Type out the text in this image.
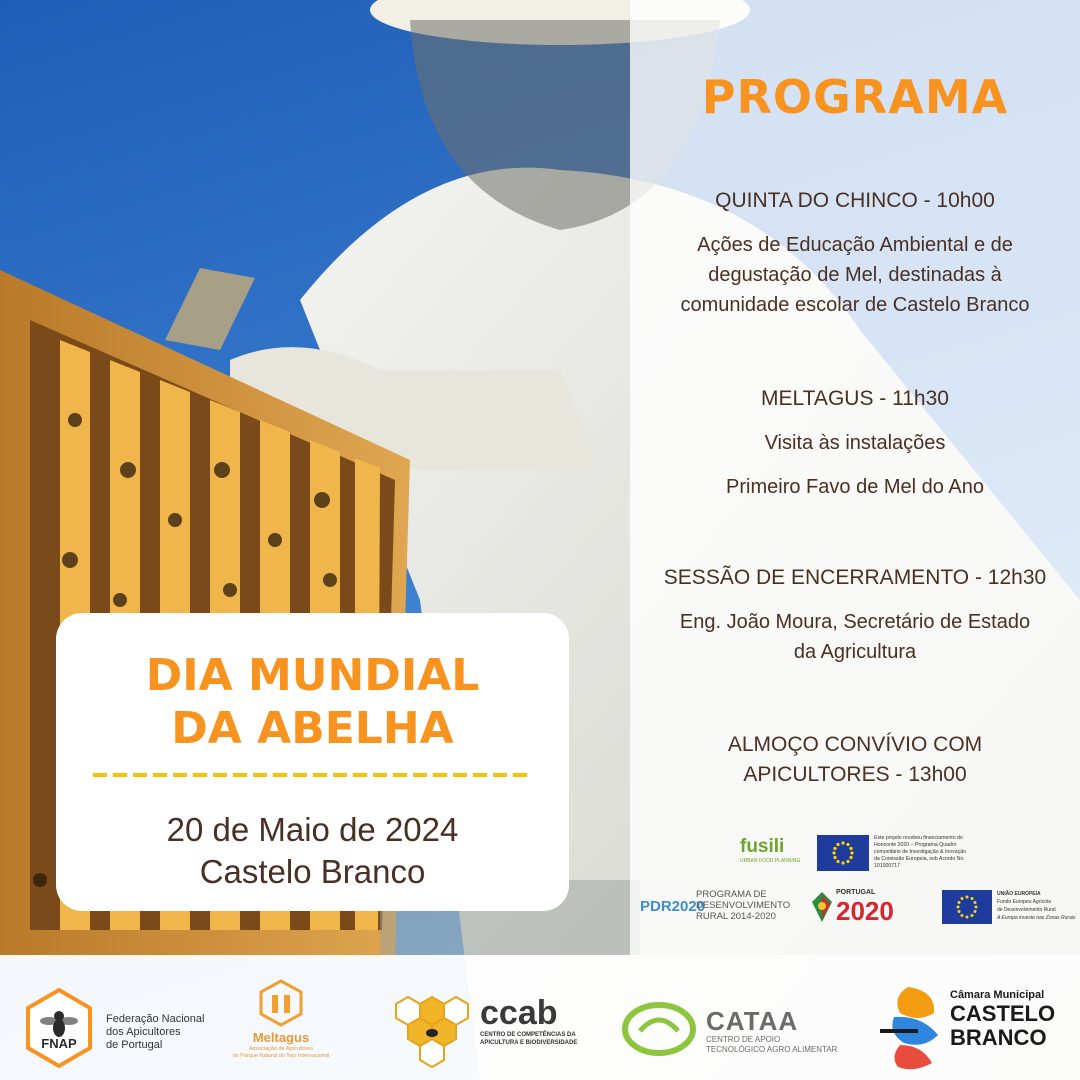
PROGRAMA
QUINTA DO CHINCO - 10h00
Ações de Educação Ambiental e de
degustação de Mel, destinadas à
comunidade escolar de Castelo Branco
MELTAGUS - 11h30
Visita às instalações
Primeiro Favo de Mel do Ano
SESSÃO DE ENCERRAMENTO - 12h30
Eng. João Moura, Secretário de Estado
da Agricultura
ALMOÇO CONVÍVIO COM
APICULTORES - 13h00
fusili
URBAN FOOD PLANNING
Este projeto recebeu financiamento do
Horizonte 2020 – Programa Quadro
comunitário de Investigação & Inovação
da Comissão Europeia, sob Acordo No.
101000717
PDR2020
PROGRAMA DE
DESENVOLVIMENTO
RURAL 2014-2020
PORTUGAL
2020
UNIÃO EUROPEIA
Fundo Europeu Agrícola
de Desenvolvimento Rural
A Europa investe nas Zonas Rurais
DIA MUNDIAL
DA ABELHA
20 de Maio de 2024
Castelo Branco
FNAP
Federação Nacional
dos Apicultores
de Portugal	Meltagus
Associação de Apicultores
do Parque Natural do Tejo Internacional
ccab
CENTRO DE COMPETÊNCIAS DA
APICULTURA E BIODIVERSIDADE
CATAA
CENTRO DE APOIO
TECNOLÓGICO AGRO ALIMENTAR
Câmara Municipal
CASTELO
BRANCO
